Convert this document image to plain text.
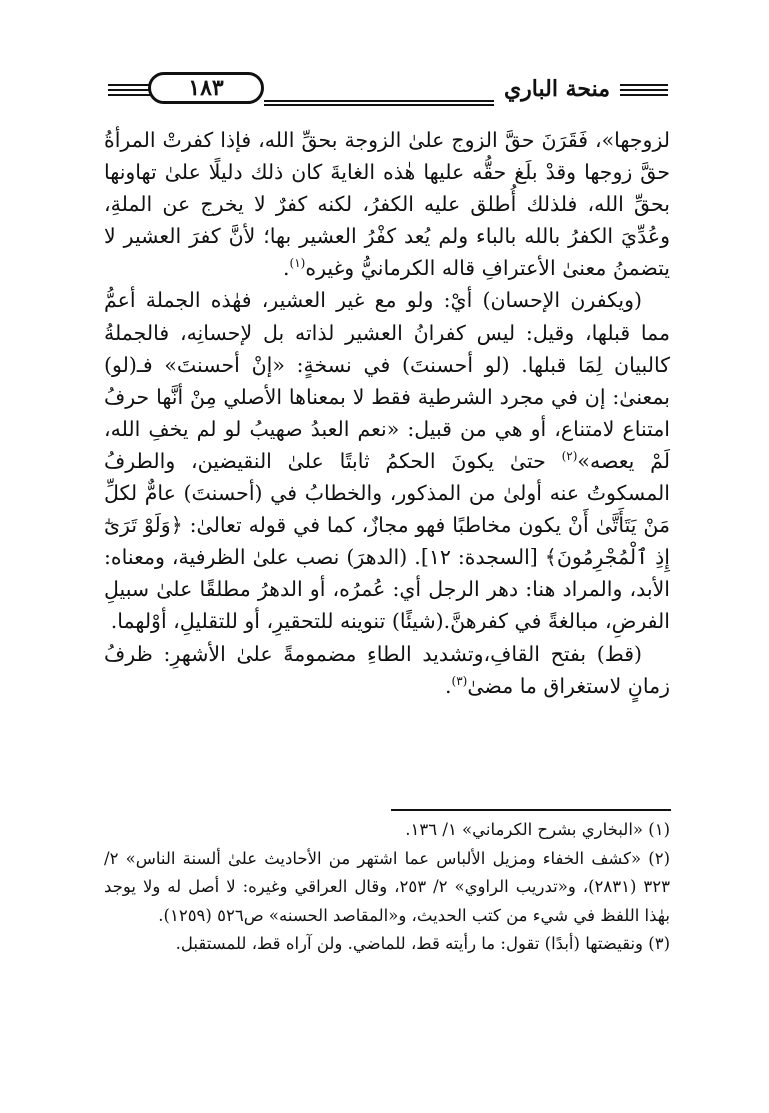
١٨٣	منحة الباري

لزوجها»، فَقَرَنَ حقَّ الزوج علىٰ الزوجة بحقِّ الله، فإذا كفرتْ المرأةُ حقَّ زوجها وقدْ بلَغ حقُّه عليها هٰذه الغايةَ كان ذلك دليلًا علىٰ تهاونها بحقِّ الله، فلذلك أُطلق عليه الكفرُ، لكنه كفرٌ لا يخرج عن الملةِ، وعُدِّيَ الكفرُ بالله بالباء ولم يُعد كفْرُ العشير بها؛ لأنَّ كفرَ العشير لا يتضمنُ معنىٰ الأعترافِ قاله الكرمانيُّ وغيره$^{(١)}$.

(ويكفرن الإحسان) أيْ: ولو مع غير العشير، فهٰذه الجملة أعمُّ مما قبلها، وقيل: ليس كفرانُ العشير لذاته بل لإحسانِه، فالجملةُ كالبيان لِمَا قبلها. (لو أحسنتَ) في نسخةٍ: «إنْ أحسنتَ» فـ(لو) بمعنىٰ: إن في مجرد الشرطية فقط لا بمعناها الأصلي مِنْ أنَّها حرفُ امتناع لامتناع، أو هي من قبيل: «نعم العبدُ صهيبُ لو لم يخفِ الله، لَمْ يعصه»$^{(٢)}$ حتىٰ يكونَ الحكمُ ثابتًا علىٰ النقيضين، والطرفُ المسكوتُ عنه أولىٰ من المذكور، والخطابُ في (أحسنتَ) عامٌّ لكلِّ مَنْ يَتَأَتَّىٰ أَنْ يكون مخاطبًا فهو مجازٌ، كما في قوله تعالىٰ: ﴿وَلَوْ تَرَىٰٓ إِذِ ٱلْمُجْرِمُونَ﴾ [السجدة: ١٢]. (الدهرَ) نصب علىٰ الظرفية، ومعناه: الأبد، والمراد هنا: دهر الرجل أي: عُمرُه، أو الدهرُ مطلقًا علىٰ سبيلِ الفرضِ، مبالغةً في كفرهنَّ.(شيئًا) تنوينه للتحقيرِ، أو للتقليلِ، أوْلهما.

(قط) بفتح القافِ،وتشديد الطاءِ مضمومةً علىٰ الأشهرِ: ظرفُ زمانٍ لاستغراق ما مضىٰ$^{(٣)}$.

(١) «البخاري بشرح الكرماني» ١/ ١٣٦.

(٢) «كشف الخفاء ومزيل الألباس عما اشتهر من الأحاديث علىٰ ألسنة الناس» ٢/ ٣٢٣ (٢٨٣١)، و«تدريب الراوي» ٢/ ٢٥٣، وقال العراقي وغيره: لا أصل له ولا يوجد بهٰذا اللفظ في شيء من كتب الحديث، و«المقاصد الحسنه» ص٥٢٦ (١٢٥٩).

(٣) ونقيضتها (أبدًا) تقول: ما رأيته قط، للماضي. ولن آراه قط، للمستقبل.
